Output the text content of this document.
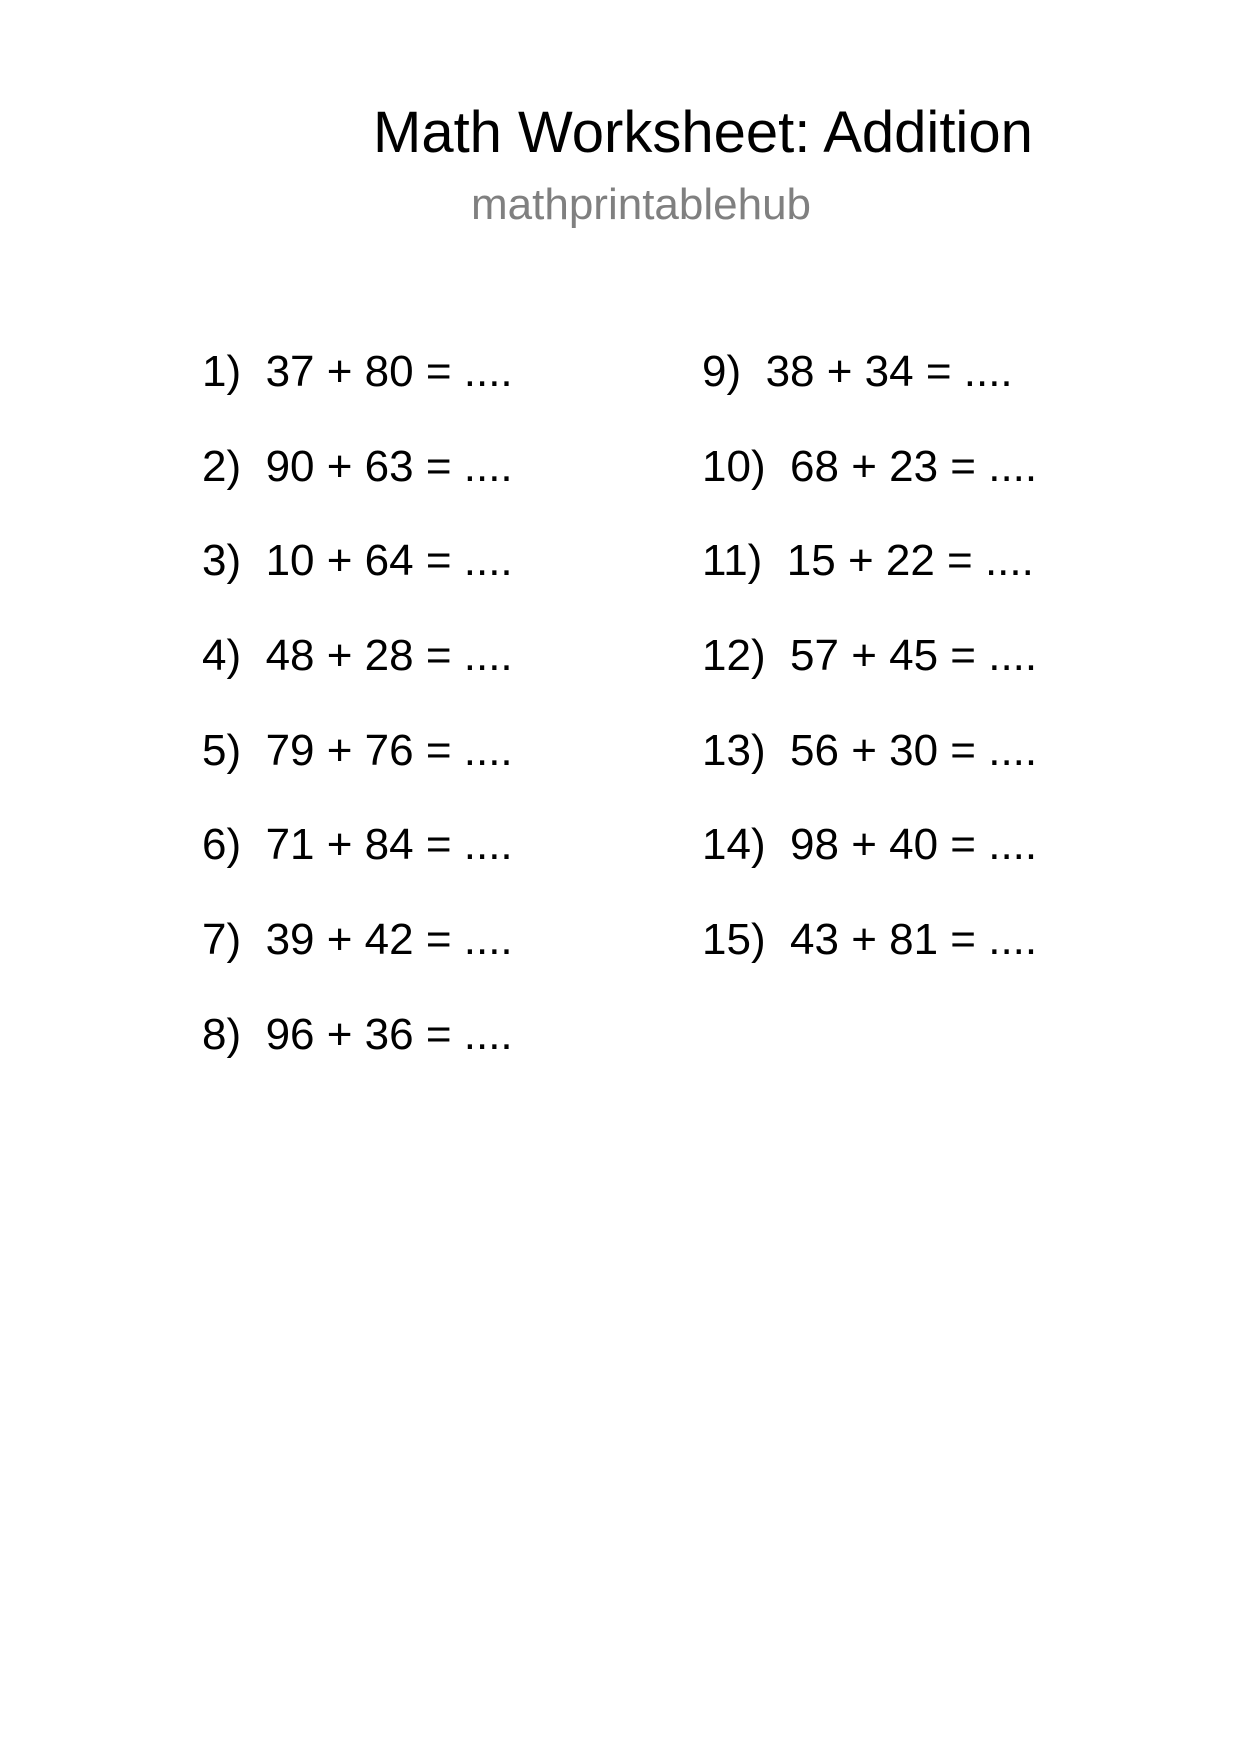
Math Worksheet: Addition
mathprintablehub
1)  37 + 80 = ....
2)  90 + 63 = ....
3)  10 + 64 = ....
4)  48 + 28 = ....
5)  79 + 76 = ....
6)  71 + 84 = ....
7)  39 + 42 = ....
8)  96 + 36 = ....
9)  38 + 34 = ....
10)  68 + 23 = ....
11)  15 + 22 = ....
12)  57 + 45 = ....
13)  56 + 30 = ....
14)  98 + 40 = ....
15)  43 + 81 = ....
